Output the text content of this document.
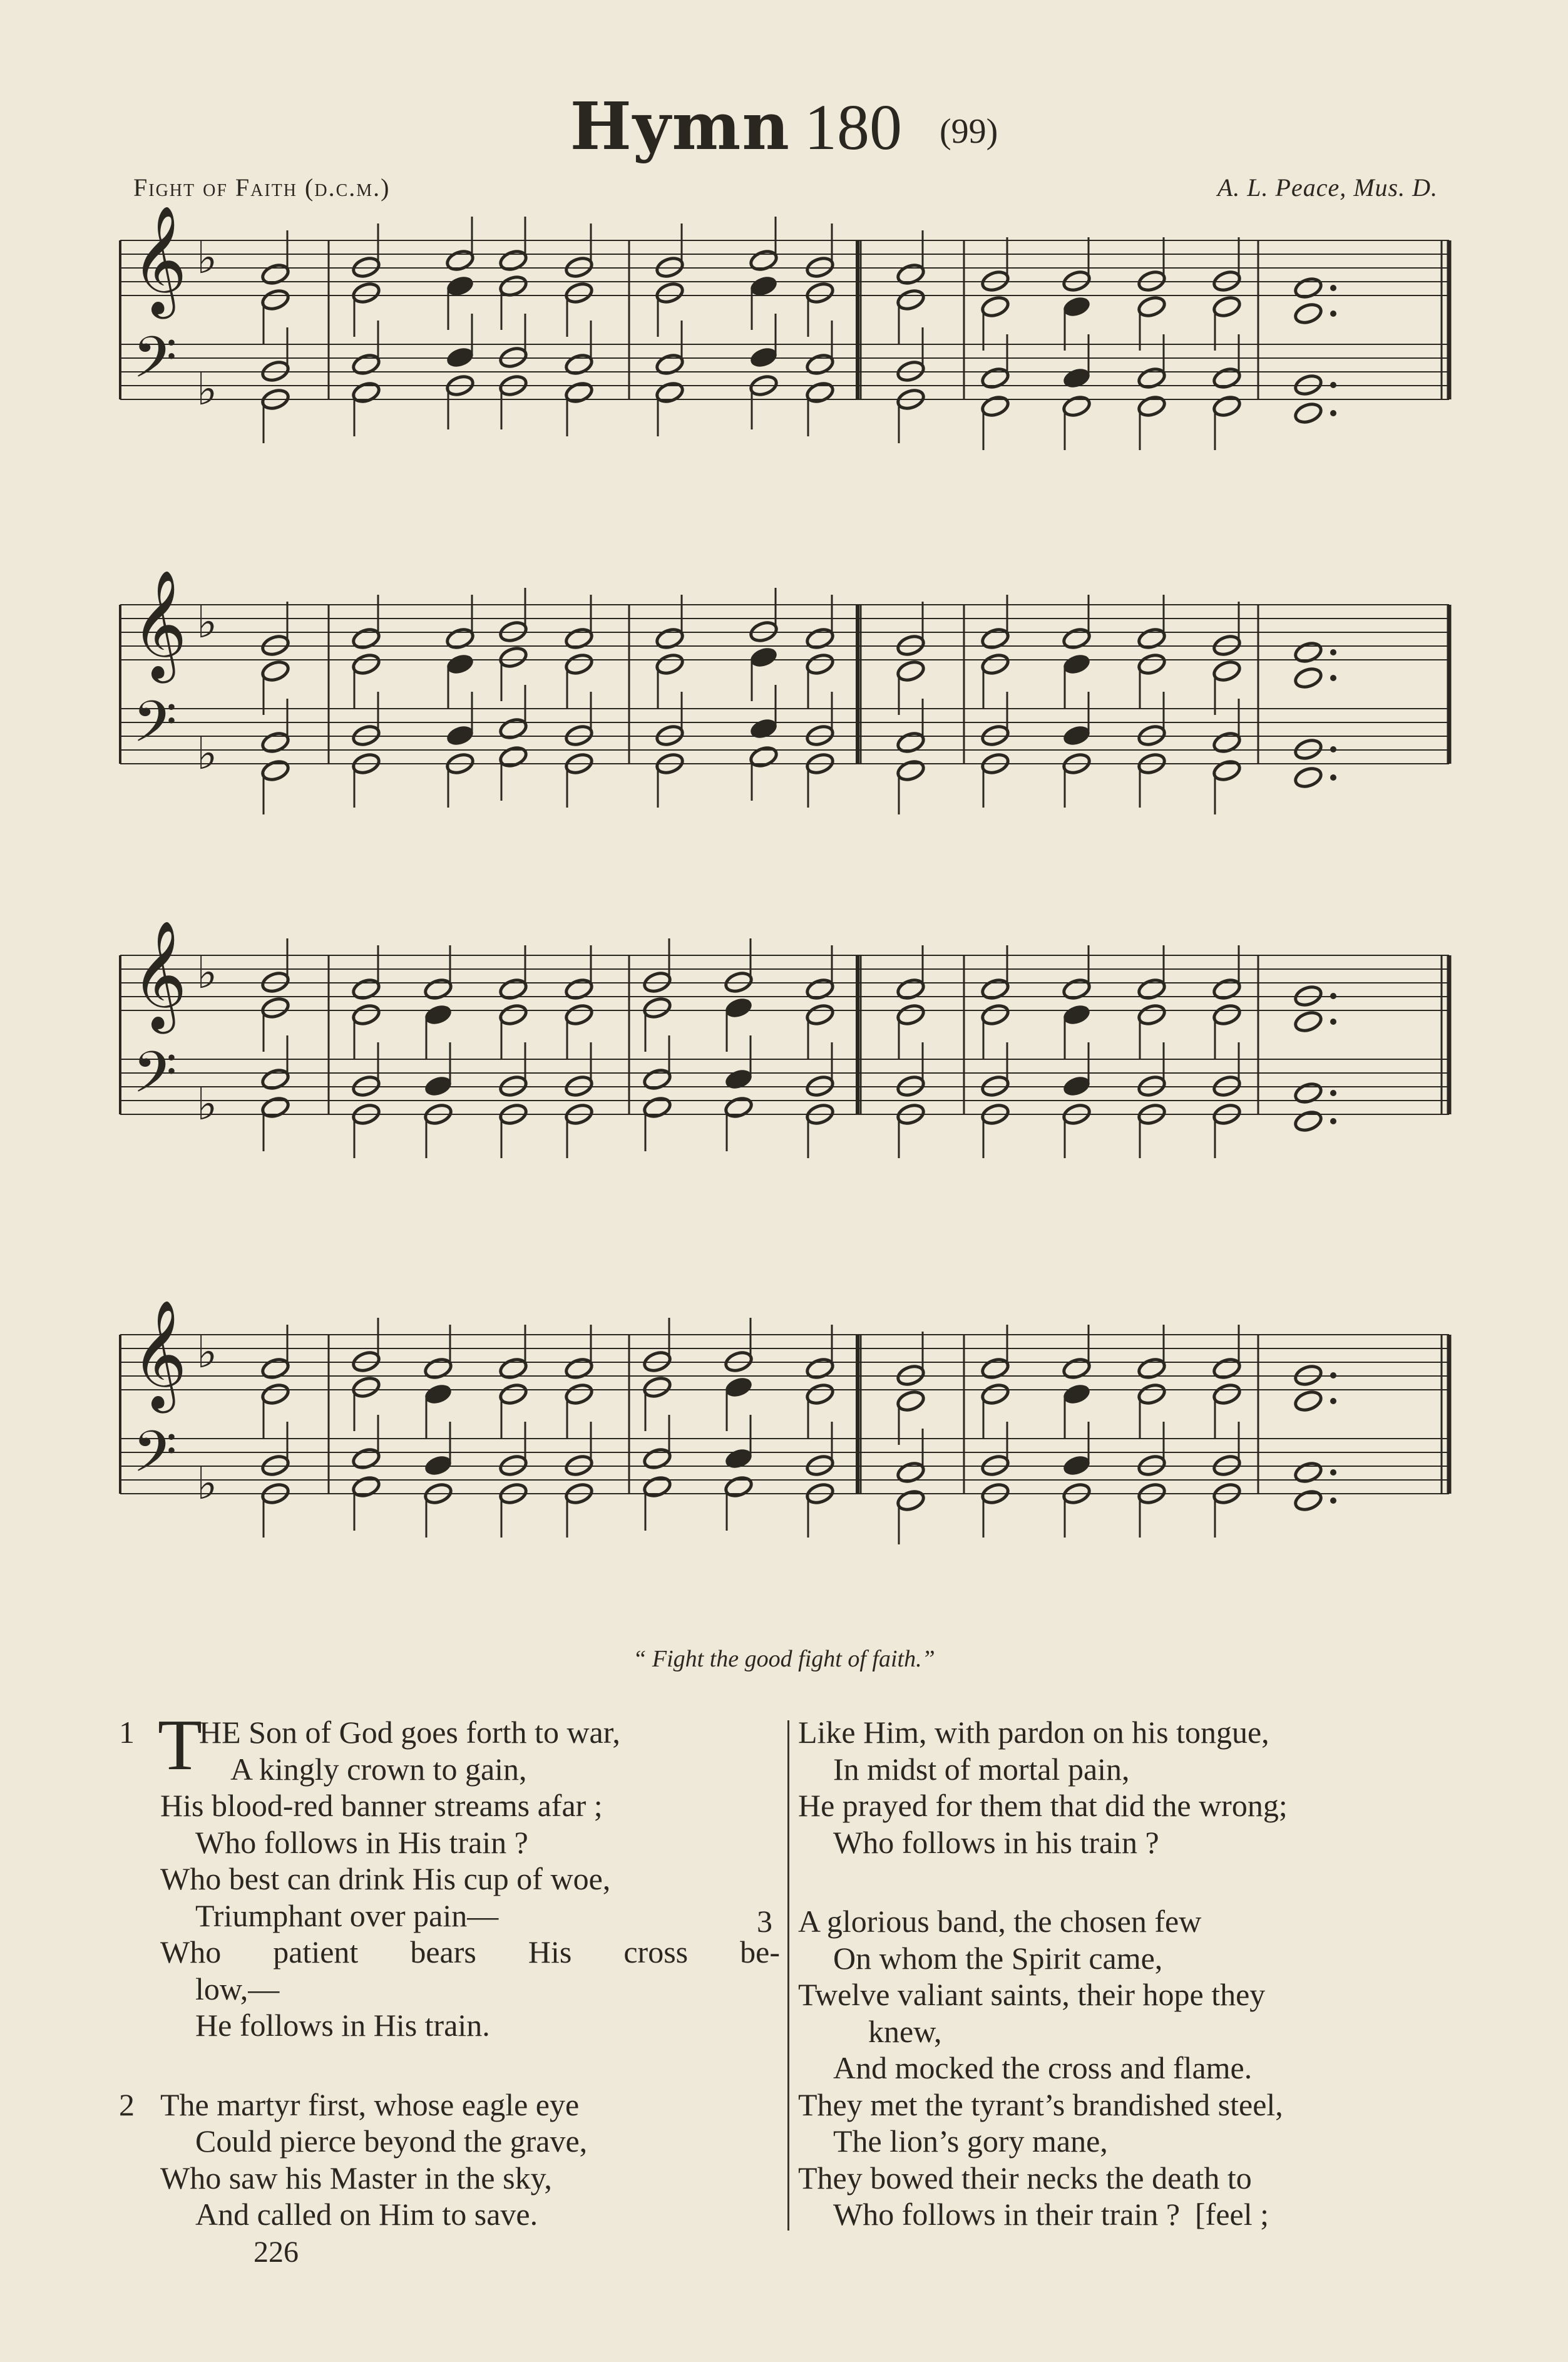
Hymn 180 (99)
Fight of Faith (d.c.m.)	A. L. Peace, Mus. D.
𝄞
𝄢
♭
♭
𝄞
𝄢
♭
♭
𝄞
𝄢
♭
♭
𝄞
𝄢
♭
♭
“ Fight the good fight of faith.”
1 T
HE Son of God goes forth to war,
A kingly crown to gain,
His blood-red banner streams afar ;
Who follows in His train ?
Who best can drink His cup of woe,
Triumphant over pain—
Who patient bears His cross be-
low,—
He follows in His train.
2 The martyr first, whose eagle eye
Could pierce beyond the grave,
Who saw his Master in the sky,
And called on Him to save.
Like Him, with pardon on his tongue,
In midst of mortal pain,
He prayed for them that did the wrong;
Who follows in his train ?
3 A glorious band, the chosen few
On whom the Spirit came,
Twelve valiant saints, their hope they
knew,
And mocked the cross and flame.
They met the tyrant’s brandished steel,
The lion’s gory mane,
They bowed their necks the death to
Who follows in their train ? [feel ;
226
